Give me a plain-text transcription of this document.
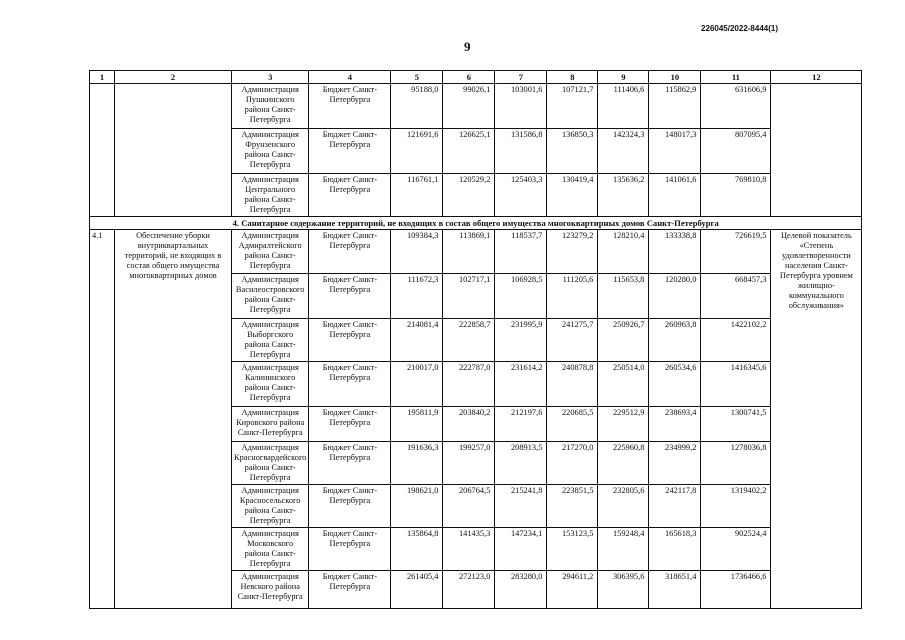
226045/2022-8444(1)
9
1	2	3	4	5	6	7	8	9	10	11	12
		Администрация Пушкинского района Санкт-Петербурга	Бюджет Санкт-Петербурга	95188,0	99026,1	103001,6	107121,7	111406,6	115862,9	631606,9	
		Администрация Фрунзенского района Санкт-Петербурга	Бюджет Санкт-Петербурга	121691,6	126625,1	131586,8	136850,3	142324,3	148017,3	807095,4	
		Администрация Центрального района Санкт-Петербурга	Бюджет Санкт-Петербурга	116761,1	120529,2	125403,3	130419,4	135636,2	141061,6	769810,8	
4. Санитарное содержание территорий, не входящих в состав общего имущества многоквартирных домов Санкт-Петербурга											
4.1	Обеспечение уборки внутриквартальных территорий, не входящих в состав общего имущества многоквартирных домов	Администрация Адмиралтейского района Санкт-Петербурга	Бюджет Санкт-Петербурга	109384,3	113869,1	118537,7	123279,2	128210,4	133338,8	726619,5	Целевой показатель «Степень удовлетворенности населения Санкт-Петербурга уровнем жилищно-коммунального обслуживания»
		Администрация Василеостровского района Санкт-Петербурга	Бюджет Санкт-Петербурга	111672,3	102717,1	106928,5	111205,6	115653,8	120280,0	668457,3	
		Администрация Выборгского района Санкт-Петербурга	Бюджет Санкт-Петербурга	214081,4	222858,7	231995,9	241275,7	250926,7	260963,8	1422102,2	
		Администрация Калининского района Санкт-Петербурга	Бюджет Санкт-Петербурга	210017,0	222787,0	231614,2	240878,8	250514,0	260534,6	1416345,6	
		Администрация Кировского района Санкт-Петербурга	Бюджет Санкт-Петербурга	195811,9	203840,2	212197,6	220685,5	229512,9	238693,4	1300741,5	
		Администрация Красногвардейского района Санкт-Петербурга	Бюджет Санкт-Петербурга	191636,3	199257,0	208913,5	217270,0	225960,8	234999,2	1278036,8	
		Администрация Красносельского района Санкт-Петербурга	Бюджет Санкт-Петербурга	198621,0	206764,5	215241,8	223851,5	232805,6	242117,8	1319402,2	
		Администрация Московского района Санкт-Петербурга	Бюджет Санкт-Петербурга	135864,8	141435,3	147234,1	153123,5	159248,4	165618,3	902524,4	
		Администрация Невского района Санкт-Петербурга	Бюджет Санкт-Петербурга	261405,4	272123,0	283280,0	294611,2	306395,6	318651,4	1736466,6	
